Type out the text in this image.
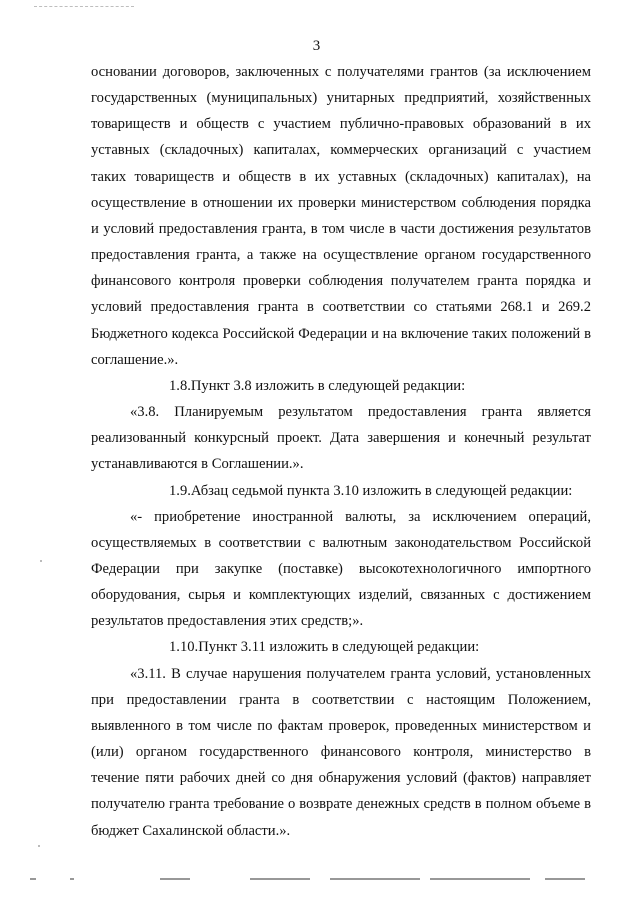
3

основании договоров, заключенных с получателями грантов (за исключением государственных (муниципальных) унитарных предприятий, хозяйственных товариществ и обществ с участием публично-правовых образований в их уставных (складочных) капиталах, коммерческих организаций с участием таких товариществ и обществ в их уставных (складочных) капиталах), на осуществление в отношении их проверки министерством соблюдения порядка и условий предоставления гранта, в том числе в части достижения результатов предоставления гранта, а также на осуществление органом государственного финансового контроля проверки соблюдения получателем гранта порядка и условий предоставления гранта в соответствии со статьями 268.1 и 269.2 Бюджетного кодекса Российской Федерации и на включение таких положений в соглашение.».

1.8.Пункт 3.8 изложить в следующей редакции:

«3.8. Планируемым результатом предоставления гранта является реализованный конкурсный проект. Дата завершения и конечный результат устанавливаются в Соглашении.».

1.9.Абзац седьмой пункта 3.10 изложить в следующей редакции:

«- приобретение иностранной валюты, за исключением операций, осуществляемых в соответствии с валютным законодательством Российской Федерации при закупке (поставке) высокотехнологичного импортного оборудования, сырья и комплектующих изделий, связанных с достижением результатов предоставления этих средств;».

1.10.Пункт 3.11 изложить в следующей редакции:

«3.11. В случае нарушения получателем гранта условий, установленных при предоставлении гранта в соответствии с настоящим Положением, выявленного в том числе по фактам проверок, проведенных министерством и (или) органом государственного финансового контроля, министерство в течение пяти рабочих дней со дня обнаружения условий (фактов) направляет получателю гранта требование о возврате денежных средств в полном объеме в бюджет Сахалинской области.».
